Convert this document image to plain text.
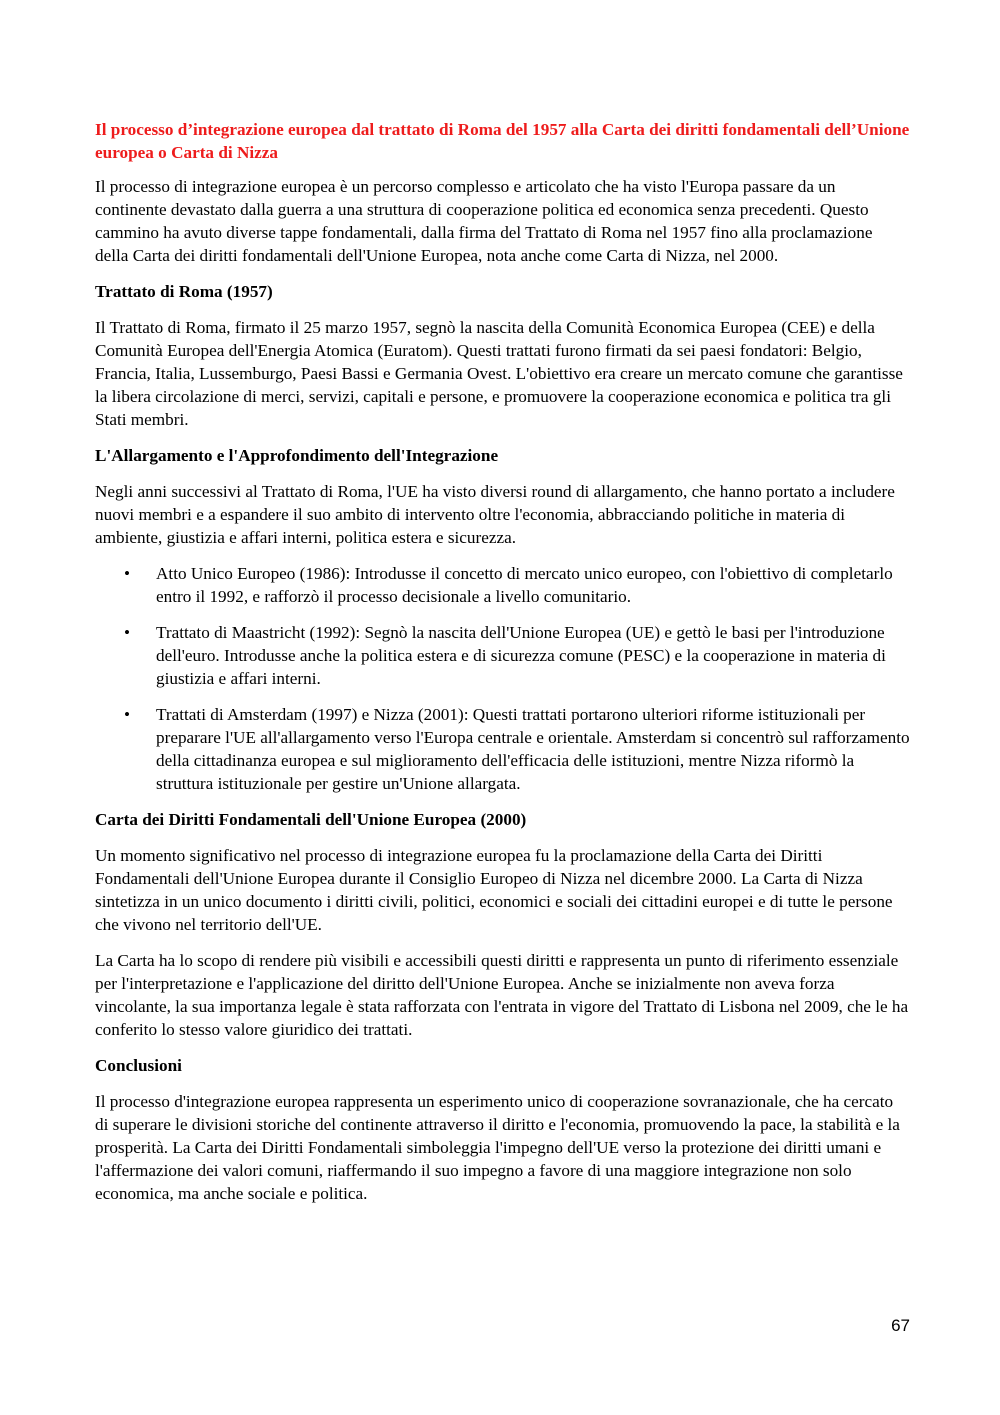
Il processo d’integrazione europea dal trattato di Roma del 1957 alla Carta dei diritti fondamentali dell’Unione europea o Carta di Nizza

Il processo di integrazione europea è un percorso complesso e articolato che ha visto l'Europa passare da un continente devastato dalla guerra a una struttura di cooperazione politica ed economica senza precedenti. Questo cammino ha avuto diverse tappe fondamentali, dalla firma del Trattato di Roma nel 1957 fino alla proclamazione della Carta dei diritti fondamentali dell'Unione Europea, nota anche come Carta di Nizza, nel 2000.

Trattato di Roma (1957)

Il Trattato di Roma, firmato il 25 marzo 1957, segnò la nascita della Comunità Economica Europea (CEE) e della Comunità Europea dell'Energia Atomica (Euratom). Questi trattati furono firmati da sei paesi fondatori: Belgio, Francia, Italia, Lussemburgo, Paesi Bassi e Germania Ovest. L'obiettivo era creare un mercato comune che garantisse la libera circolazione di merci, servizi, capitali e persone, e promuovere la cooperazione economica e politica tra gli Stati membri.

L'Allargamento e l'Approfondimento dell'Integrazione

Negli anni successivi al Trattato di Roma, l'UE ha visto diversi round di allargamento, che hanno portato a includere nuovi membri e a espandere il suo ambito di intervento oltre l'economia, abbracciando politiche in materia di ambiente, giustizia e affari interni, politica estera e sicurezza.

• Atto Unico Europeo (1986): Introdusse il concetto di mercato unico europeo, con l'obiettivo di completarlo entro il 1992, e rafforzò il processo decisionale a livello comunitario.
• Trattato di Maastricht (1992): Segnò la nascita dell'Unione Europea (UE) e gettò le basi per l'introduzione dell'euro. Introdusse anche la politica estera e di sicurezza comune (PESC) e la cooperazione in materia di giustizia e affari interni.
• Trattati di Amsterdam (1997) e Nizza (2001): Questi trattati portarono ulteriori riforme istituzionali per preparare l'UE all'allargamento verso l'Europa centrale e orientale. Amsterdam si concentrò sul rafforzamento della cittadinanza europea e sul miglioramento dell'efficacia delle istituzioni, mentre Nizza riformò la struttura istituzionale per gestire un'Unione allargata.
Carta dei Diritti Fondamentali dell'Unione Europea (2000)

Un momento significativo nel processo di integrazione europea fu la proclamazione della Carta dei Diritti Fondamentali dell'Unione Europea durante il Consiglio Europeo di Nizza nel dicembre 2000. La Carta di Nizza sintetizza in un unico documento i diritti civili, politici, economici e sociali dei cittadini europei e di tutte le persone che vivono nel territorio dell'UE.

La Carta ha lo scopo di rendere più visibili e accessibili questi diritti e rappresenta un punto di riferimento essenziale per l'interpretazione e l'applicazione del diritto dell'Unione Europea. Anche se inizialmente non aveva forza vincolante, la sua importanza legale è stata rafforzata con l'entrata in vigore del Trattato di Lisbona nel 2009, che le ha conferito lo stesso valore giuridico dei trattati.

Conclusioni

Il processo d'integrazione europea rappresenta un esperimento unico di cooperazione sovranazionale, che ha cercato di superare le divisioni storiche del continente attraverso il diritto e l'economia, promuovendo la pace, la stabilità e la prosperità. La Carta dei Diritti Fondamentali simboleggia l'impegno dell'UE verso la protezione dei diritti umani e l'affermazione dei valori comuni, riaffermando il suo impegno a favore di una maggiore integrazione non solo economica, ma anche sociale e politica.

67
